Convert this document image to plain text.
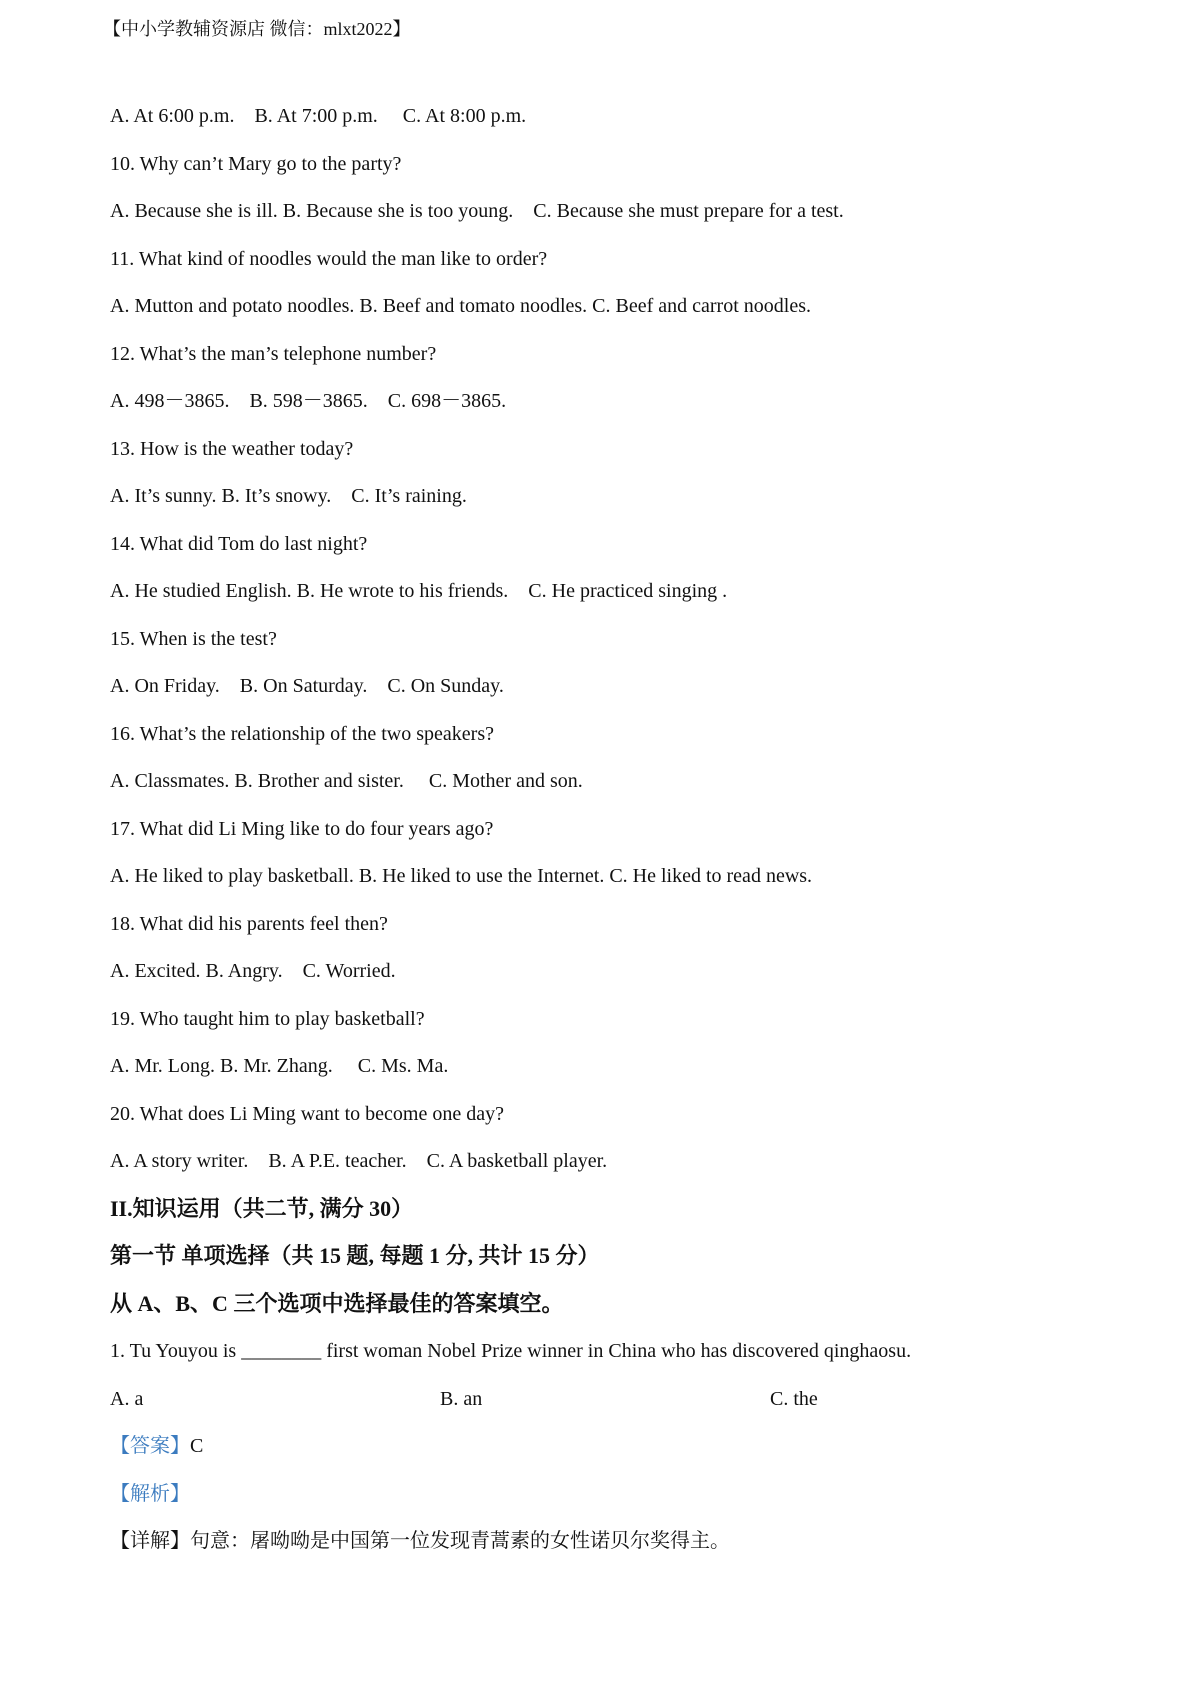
【中小学教辅资源店 微信：mlxt2022】
A. At 6:00 p.m.    B. At 7:00 p.m.     C. At 8:00 p.m.
10. Why can’t Mary go to the party?
A. Because she is ill. B. Because she is too young.    C. Because she must prepare for a test.
11. What kind of noodles would the man like to order?
A. Mutton and potato noodles. B. Beef and tomato noodles. C. Beef and carrot noodles.
12. What’s the man’s telephone number?
A. 498－3865.    B. 598－3865.    C. 698－3865.
13. How is the weather today?
A. It’s sunny. B. It’s snowy.    C. It’s raining.
14. What did Tom do last night?
A. He studied English. B. He wrote to his friends.    C. He practiced singing .
15. When is the test?
A. On Friday.    B. On Saturday.    C. On Sunday.
16. What’s the relationship of the two speakers?
A. Classmates. B. Brother and sister.     C. Mother and son.
17. What did Li Ming like to do four years ago?
A. He liked to play basketball. B. He liked to use the Internet. C. He liked to read news.
18. What did his parents feel then?
A. Excited. B. Angry.    C. Worried.
19. Who taught him to play basketball?
A. Mr. Long. B. Mr. Zhang.     C. Ms. Ma.
20. What does Li Ming want to become one day?
A. A story writer.    B. A P.E. teacher.    C. A basketball player.
II.知识运用（共二节, 满分 30）
第一节 单项选择（共 15 题, 每题 1 分, 共计 15 分）
从 A、B、C 三个选项中选择最佳的答案填空。
1. Tu Youyou is ________ first woman Nobel Prize winner in China who has discovered qinghaosu.
A. a	B. an	C. the
【答案】C
【解析】
【详解】句意：屠呦呦是中国第一位发现青蒿素的女性诺贝尔奖得主。
